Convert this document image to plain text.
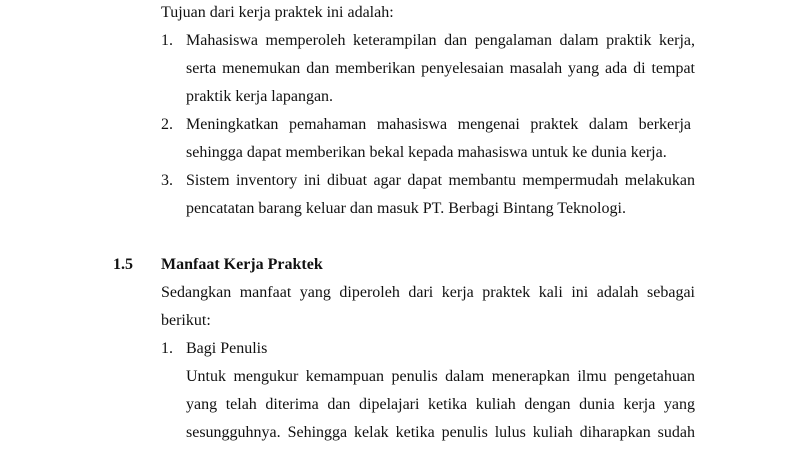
Tujuan dari kerja praktek ini adalah:
1. Mahasiswa memperoleh keterampilan dan pengalaman dalam praktik kerja,
serta menemukan dan memberikan penyelesaian masalah yang ada di tempat
praktik kerja lapangan.
2. Meningkatkan pemahaman mahasiswa mengenai praktek dalam berkerja
sehingga dapat memberikan bekal kepada mahasiswa untuk ke dunia kerja.
3. Sistem inventory ini dibuat agar dapat membantu mempermudah melakukan
pencatatan barang keluar dan masuk PT. Berbagi Bintang Teknologi.
1.5 Manfaat Kerja Praktek
Sedangkan manfaat yang diperoleh dari kerja praktek kali ini adalah sebagai
berikut:
1. Bagi Penulis
Untuk mengukur kemampuan penulis dalam menerapkan ilmu pengetahuan
yang telah diterima dan dipelajari ketika kuliah dengan dunia kerja yang
sesungguhnya. Sehingga kelak ketika penulis lulus kuliah diharapkan sudah
